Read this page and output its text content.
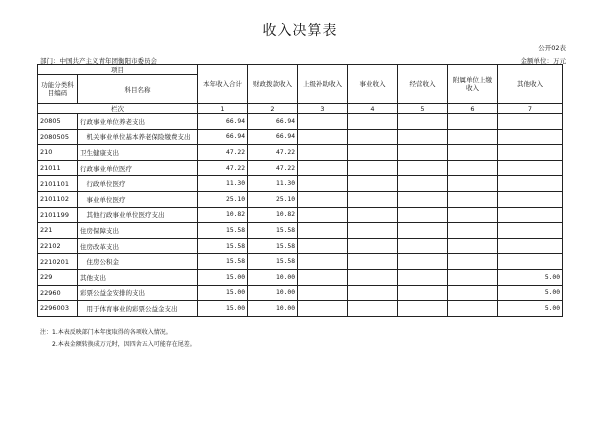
收入决算表
公开02表
部门：中国共产主义青年团衡阳市委员会	金额单位：万元
项目		本年收入合计	财政拨款收入	上级补助收入	事业收入	经营收入	附属单位上缴收入	其他收入
功能分类科目编码	科目名称							
栏次		1	2	3	4	5	6	7
20805	行政事业单位养老支出	66.94	66.94					
2080505	　机关事业单位基本养老保险缴费支出	66.94	66.94					
210	卫生健康支出	47.22	47.22					
21011	行政事业单位医疗	47.22	47.22					
2101101	　行政单位医疗	11.30	11.30					
2101102	　事业单位医疗	25.10	25.10					
2101199	　其他行政事业单位医疗支出	10.82	10.82					
221	住房保障支出	15.58	15.58					
22102	住房改革支出	15.58	15.58					
2210201	　住房公积金	15.58	15.58					
229	其他支出	15.00	10.00					5.00
22960	彩票公益金安排的支出	15.00	10.00					5.00
2296003	　用于体育事业的彩票公益金支出	15.00	10.00					5.00
注：1.本表反映部门本年度取得的各项收入情况。
2.本表金额转换成万元时，因四舍五入可能存在尾差。
